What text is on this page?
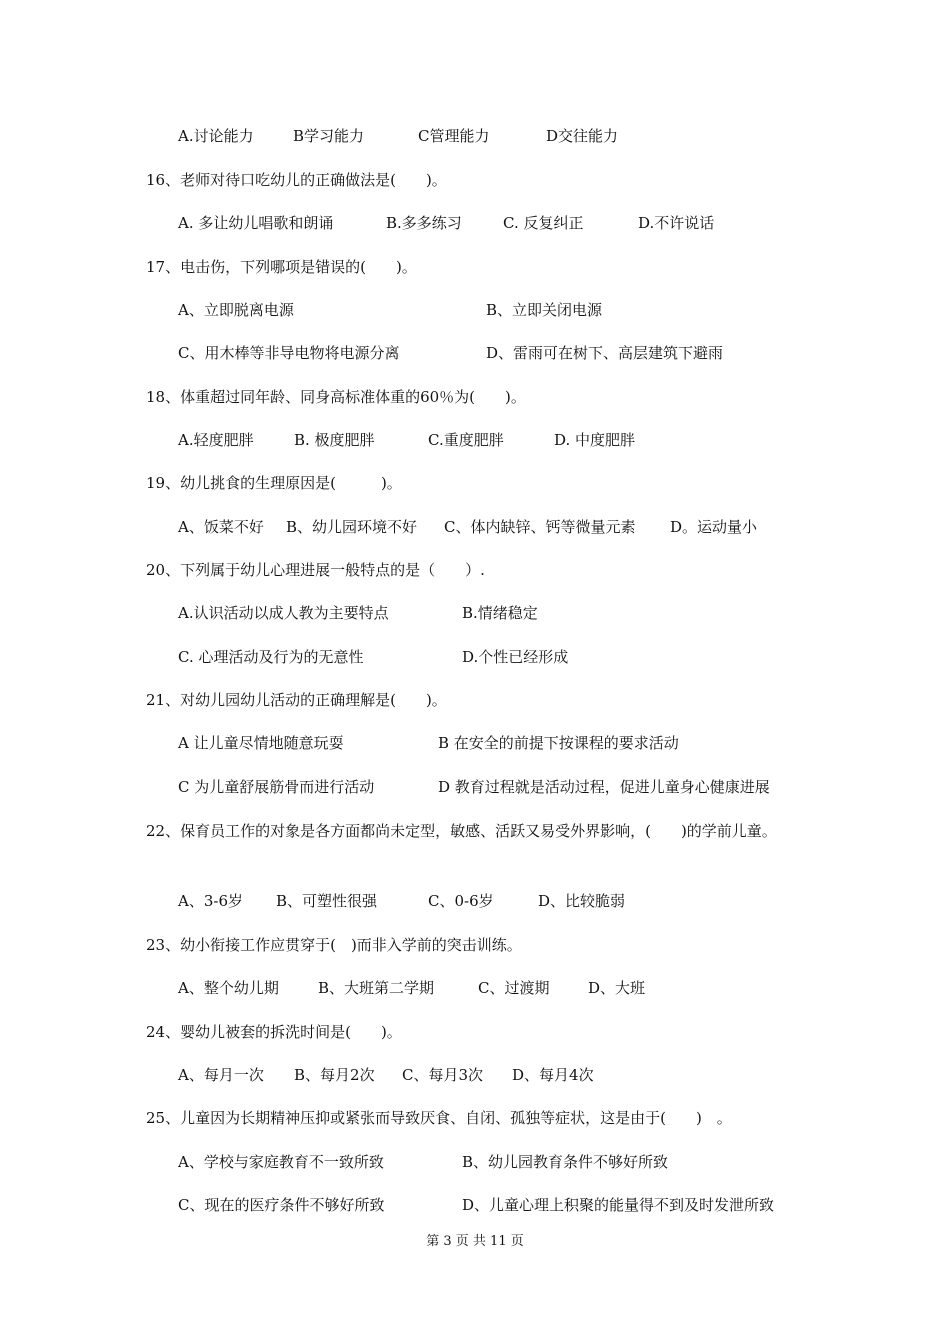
A.讨论能力	B学习能力	C管理能力	D交往能力
16、老师对待口吃幼儿的正确做法是(　　)。
A. 多让幼儿唱歌和朗诵	B.多多练习	C. 反复纠正	D.不许说话
17、电击伤，下列哪项是错误的(　　)。
A、立即脱离电源	B、立即关闭电源
C、用木棒等非导电物将电源分离	D、雷雨可在树下、高层建筑下避雨
18、体重超过同年龄、同身高标准体重的60％为(　　)。
A.轻度肥胖	B. 极度肥胖	C.重度肥胖	D. 中度肥胖
19、幼儿挑食的生理原因是(　　　)。
A、饭菜不好 B、幼儿园环境不好 C、体内缺锌、钙等微量元素 D。运动量小
20、下列属于幼儿心理进展一般特点的是（　　）.
A.认识活动以成人教为主要特点	B.情绪稳定
C. 心理活动及行为的无意性	D.个性已经形成
21、对幼儿园幼儿活动的正确理解是(　　)。
A 让儿童尽情地随意玩耍	B 在安全的前提下按课程的要求活动
C 为儿童舒展筋骨而进行活动	D 教育过程就是活动过程，促进儿童身心健康进展
22、保育员工作的对象是各方面都尚未定型，敏感、活跃又易受外界影响，(　　)的学前儿童。
A、3-6岁 B、可塑性很强	C、0-6岁	D、比较脆弱
23、幼小衔接工作应贯穿于(　)而非入学前的突击训练。
A、整个幼儿期	B、大班第二学期	C、过渡期	D、大班
24、婴幼儿被套的拆洗时间是(　　)。
A、每月一次 B、每月2次 C、每月3次 D、每月4次
25、儿童因为长期精神压抑或紧张而导致厌食、自闭、孤独等症状，这是由于(　　)　。
A、学校与家庭教育不一致所致	B、幼儿园教育条件不够好所致
C、现在的医疗条件不够好所致	D、儿童心理上积聚的能量得不到及时发泄所致
第 3 页 共 11 页
